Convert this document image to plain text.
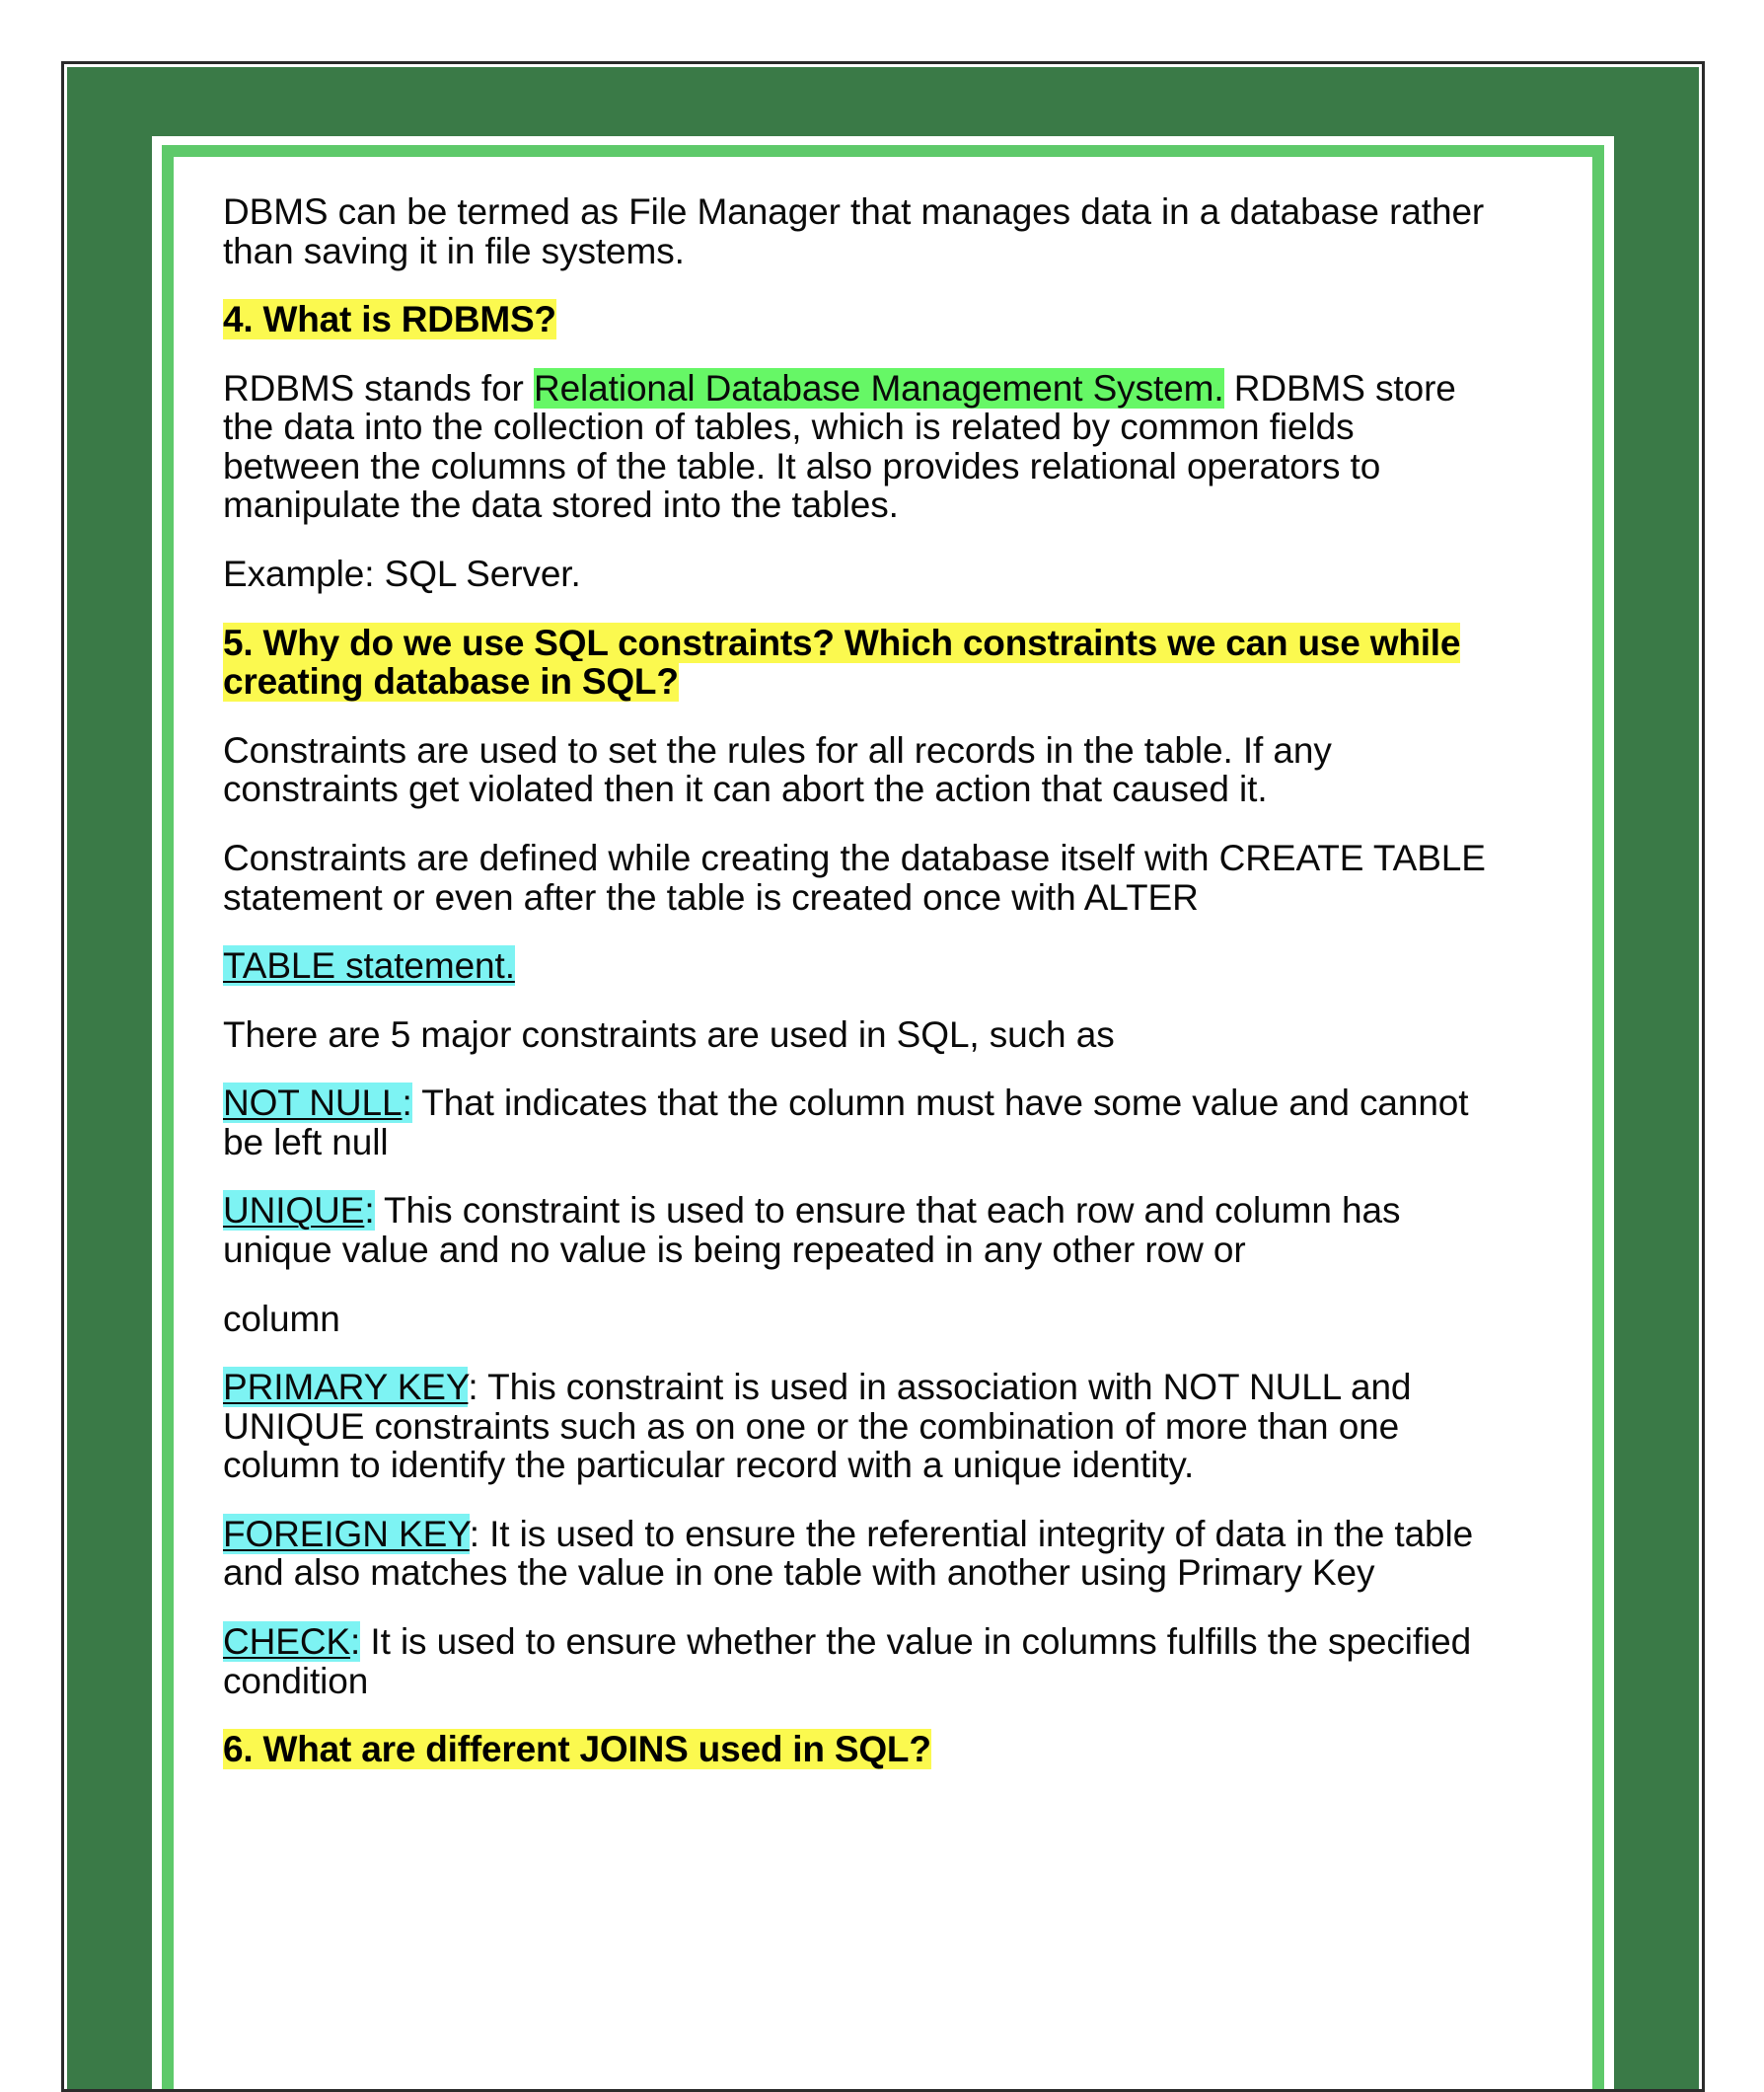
DBMS can be termed as File Manager that manages data in a database rather than saving it in file systems.

4. What is RDBMS?

RDBMS stands for Relational Database Management System. RDBMS store the data into the collection of tables, which is related by common fields between the columns of the table. It also provides relational operators to manipulate the data stored into the tables.

Example: SQL Server.

5. Why do we use SQL constraints? Which constraints we can use while creating database in SQL?

Constraints are used to set the rules for all records in the table. If any constraints get violated then it can abort the action that caused it.

Constraints are defined while creating the database itself with CREATE TABLE statement or even after the table is created once with ALTER

TABLE statement.

There are 5 major constraints are used in SQL, such as

NOT NULL: That indicates that the column must have some value and cannot be left null

UNIQUE: This constraint is used to ensure that each row and column has unique value and no value is being repeated in any other row or

column

PRIMARY KEY: This constraint is used in association with NOT NULL and UNIQUE constraints such as on one or the combination of more than one column to identify the particular record with a unique identity.

FOREIGN KEY: It is used to ensure the referential integrity of data in the table and also matches the value in one table with another using Primary Key

CHECK: It is used to ensure whether the value in columns fulfills the specified condition

6. What are different JOINS used in SQL?
